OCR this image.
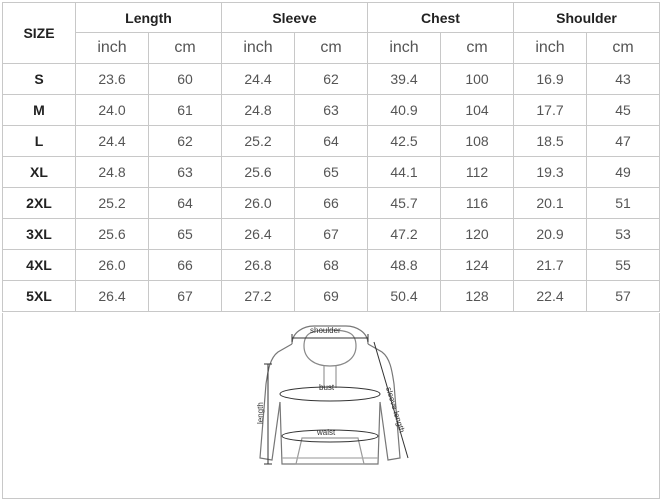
SIZE	Length		Sleeve		Chest		Shoulder	
	inch	cm	inch	cm	inch	cm	inch	cm
S	23.6	60	24.4	62	39.4	100	16.9	43
M	24.0	61	24.8	63	40.9	104	17.7	45
L	24.4	62	25.2	64	42.5	108	18.5	47
XL	24.8	63	25.6	65	44.1	112	19.3	49
2XL	25.2	64	26.0	66	45.7	116	20.1	51
3XL	25.6	65	26.4	67	47.2	120	20.9	53
4XL	26.0	66	26.8	68	48.8	124	21.7	55
5XL	26.4	67	27.2	69	50.4	128	22.4	57
shoulder
bust
waist
length	sleeve length
